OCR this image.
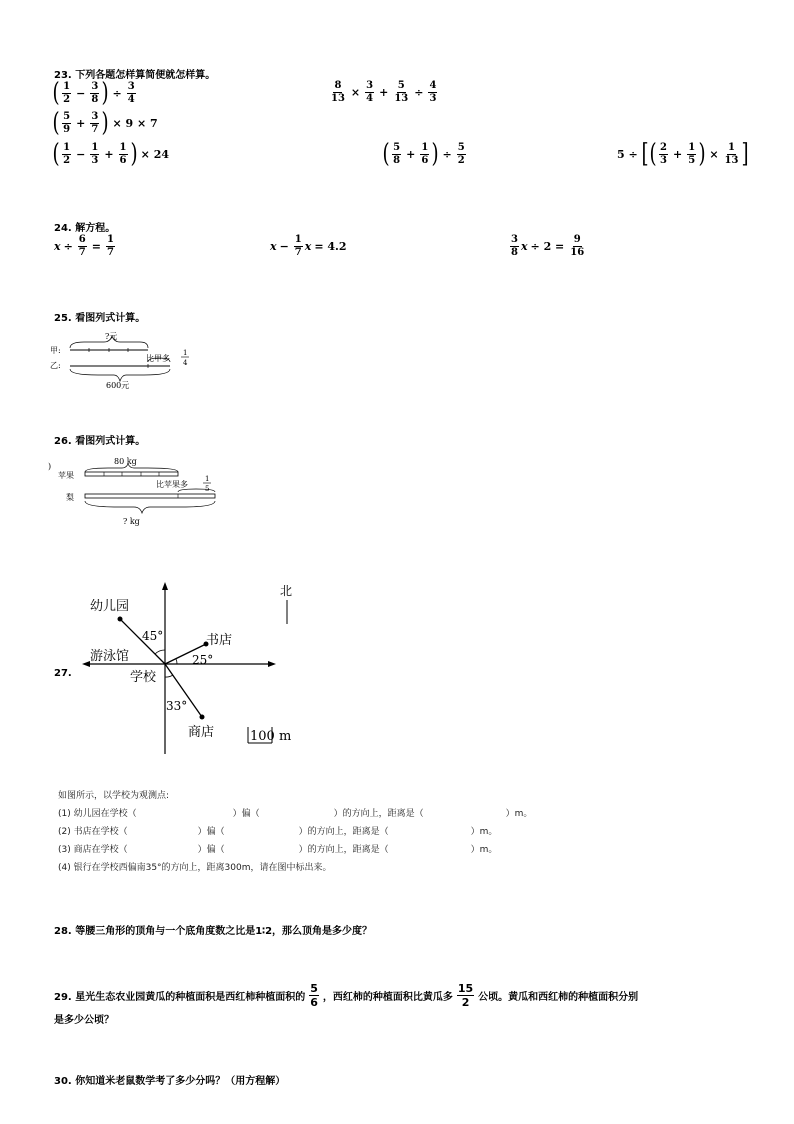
23. 下列各题怎样算简便就怎样算。
( $\frac{1}{2} - \frac{3}{8}$ ) ÷ $\frac{3}{4}$	$\frac{8}{13} \times \frac{3}{4} + \frac{5}{13} \div \frac{4}{3}$
( $\frac{5}{9} + \frac{3}{7}$ ) × 9 × 7
( $\frac{1}{2} - \frac{1}{3} + \frac{1}{6}$ ) × 24	( $\frac{5}{8} + \frac{1}{6}$ ) ÷ $\frac{5}{2}$	5 ÷ [ ( $\frac{2}{3} + \frac{1}{5}$ ) × $\frac{1}{13}$ ]
24. 解方程。
$x \div \frac{6}{7} = \frac{1}{7}$	$x - \frac{1}{7}$ x = 4.2	$\frac{3}{8}$ $x \div 2 = \frac{9}{16}$
25. 看图列式计算。
甲:
乙:
?元
600元
比甲多
1
4
26. 看图列式计算。
)
苹果
梨
80 kg
比苹果多
1
5
? kg
27.
幼儿园
书店
游泳馆
学校
商店
45°
25°
33°
100 m
北
如图所示，以学校为观测点:
(1) 幼儿园在学校（	）偏（	）的方向上，距离是（	）m。
(2) 书店在学校（	）偏（	）的方向上，距离是（	）m。
(3) 商店在学校（	）偏（	）的方向上，距离是（	）m。
(4) 银行在学校西偏南35°的方向上，距离300m，请在图中标出来。
28. 等腰三角形的顶角与一个底角度数之比是1∶2，那么顶角是多少度？
29. 星光生态农业园黄瓜的种植面积是西红柿种植面积的 $\frac{5}{6}$ ，西红柿的种植面积比黄瓜多 $\frac{15}{2}$ 公顷。黄瓜和西红柿的种植面积分别
是多少公顷？
30. 你知道米老鼠数学考了多少分吗？（用方程解）
